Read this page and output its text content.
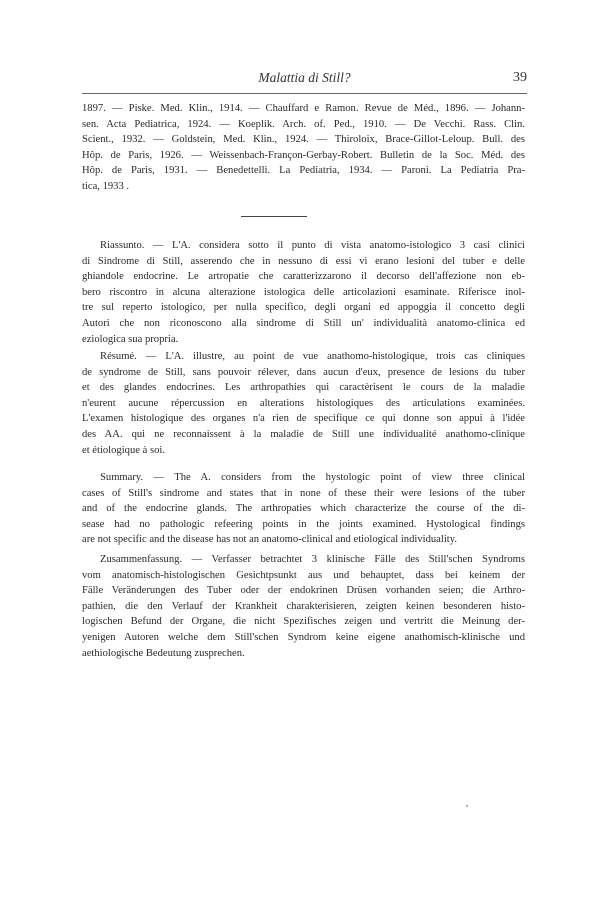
Malattia di Still?	39
1897. — Piske. Med. Klin., 1914. — Chauffard e Ramon. Revue de Méd., 1896. — Johann-
sen. Acta Pediatrica, 1924. — Koeplik. Arch. of. Ped., 1910. — De Vecchi. Rass. Clin.
Scient., 1932. — Goldstein, Med. Klin., 1924. — Thiroloix, Brace-Gillot-Leloup. Bull. des
Hôp. de Paris, 1926. — Weissenbach-Françon-Gerbay-Robert. Bulletin de la Soc. Méd. des
Hôp. de Paris, 1931. — Benedettelli. La Pediatria, 1934. — Paroni. La Pediatria Pra-
tica, 1933 .
Riassunto. — L'A. considera sotto il punto di vista anatomo-istologico 3 casi clinici
di Sindrome di Still, asserendo che in nessuno di essi vi erano lesioni del tuber e delle
ghiandole endocrine. Le artropatie che caratterizzarono il decorso dell'affezione non eb-
bero riscontro in alcuna alterazione istologica delle articolazioni esaminate. Riferisce inol-
tre sul reperto istologico, per nulla specifico, degli organi ed appoggia il concetto degli
Autori che non riconoscono alla sindrome di Still un' individualità anatomo-clinica ed
eziologica sua propria.
Résumé. — L'A. illustre, au point de vue anathomo-histologique, trois cas cliniques
de syndrome de Still, sans pouvoir rélever, dans aucun d'eux, presence de lesions du tuber
et des glandes endocrines. Les arthropathies qui caractèrisent le cours de la maladie
n'eurent aucune répercussion en alterations histologiques des articulations examinées.
L'examen histologique des organes n'a rien de specifique ce qui donne son appui à l'idée
des AA. qui ne reconnaissent à la maladie de Still une individualité anathomo-clinique
et étiologique à soi.
Summary. — The A. considers from the hystologic point of view three clinical
cases of Still's sindrome and states that in none of these their were lesions of the tuber
and of the endocrine glands. The arthropaties which characterize the course of the di-
sease had no pathologic refeering points in the joints examined. Hystological findings
are not specific and the disease has not an anatomo-clinical and etiological individuality.
Zusammenfassung. — Verfasser betrachtet 3 klinische Fälle des Still'schen Syndroms
vom anatomisch-histologischen Gesichtpsunkt aus und behauptet, dass bei keinem der
Fälle Veränderungen des Tuber oder der endokrinen Drüsen vorhanden seien; die Arthro-
pathien, die den Verlauf der Krankheit charakterisieren, zeigten keinen besonderen histo-
logischen Befund der Organe, die nicht Spezifisches zeigen und vertritt die Meinung der-
yenigen Autoren welche dem Still'schen Syndrom keine eigene anathomisch-klinische und
aethiologische Bedeutung zusprechen.
